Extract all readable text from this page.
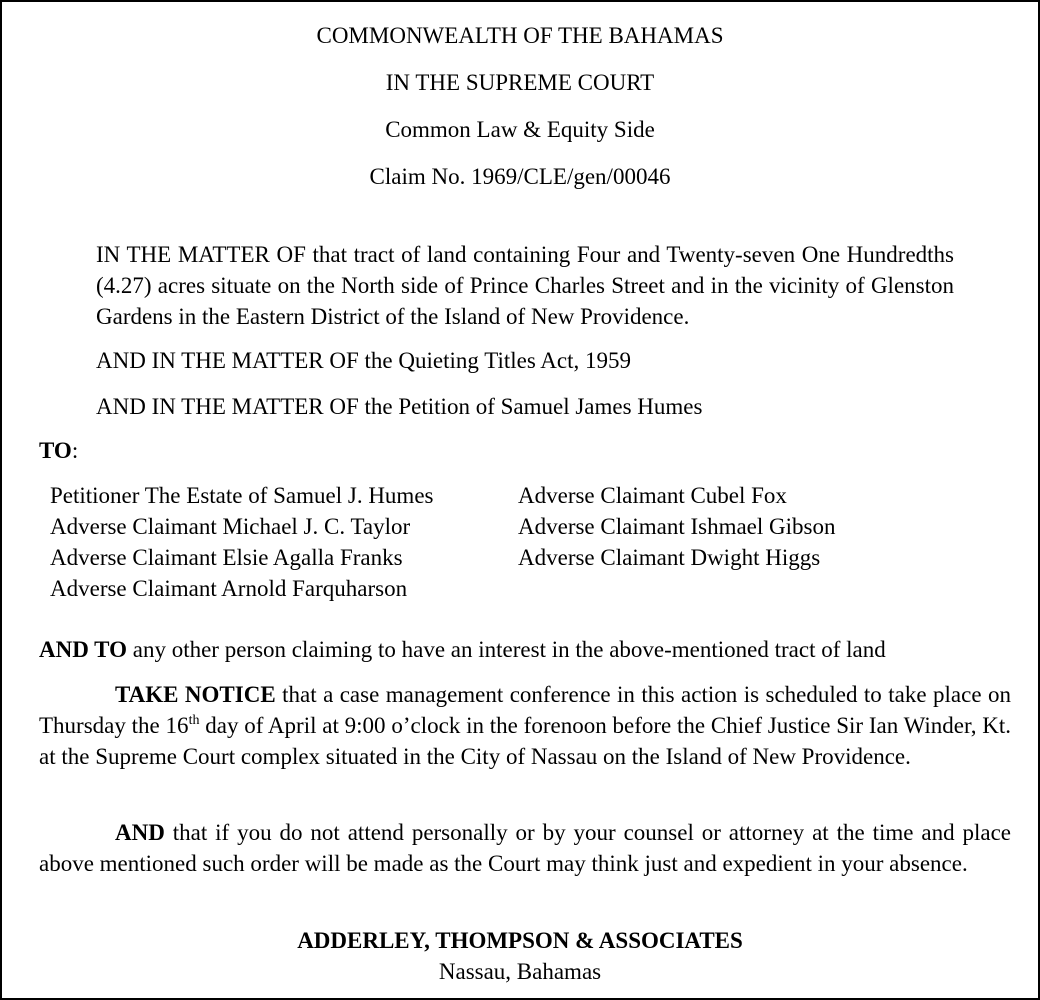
COMMONWEALTH OF THE BAHAMAS
IN THE SUPREME COURT
Common Law & Equity Side
Claim No. 1969/CLE/gen/00046
IN THE MATTER OF that tract of land containing Four and Twenty-seven One Hundredths (4.27) acres situate on the North side of Prince Charles Street and in the vicinity of Glenston Gardens in the Eastern District of the Island of New Providence.
AND IN THE MATTER OF the Quieting Titles Act, 1959
AND IN THE MATTER OF the Petition of Samuel James Humes
TO:
Petitioner The Estate of Samuel J. Humes
Adverse Claimant Michael J. C. Taylor
Adverse Claimant Elsie Agalla Franks
Adverse Claimant Arnold Farquharson
Adverse Claimant Cubel Fox
Adverse Claimant Ishmael Gibson
Adverse Claimant Dwight Higgs
AND TO any other person claiming to have an interest in the above-mentioned tract of land
TAKE NOTICE that a case management conference in this action is scheduled to take place on Thursday the 16th day of April at 9:00 o’clock in the forenoon before the Chief Justice Sir Ian Winder, Kt. at the Supreme Court complex situated in the City of Nassau on the Island of New Providence.
AND that if you do not attend personally or by your counsel or attorney at the time and place above mentioned such order will be made as the Court may think just and expedient in your absence.
ADDERLEY, THOMPSON & ASSOCIATES
Nassau, Bahamas
